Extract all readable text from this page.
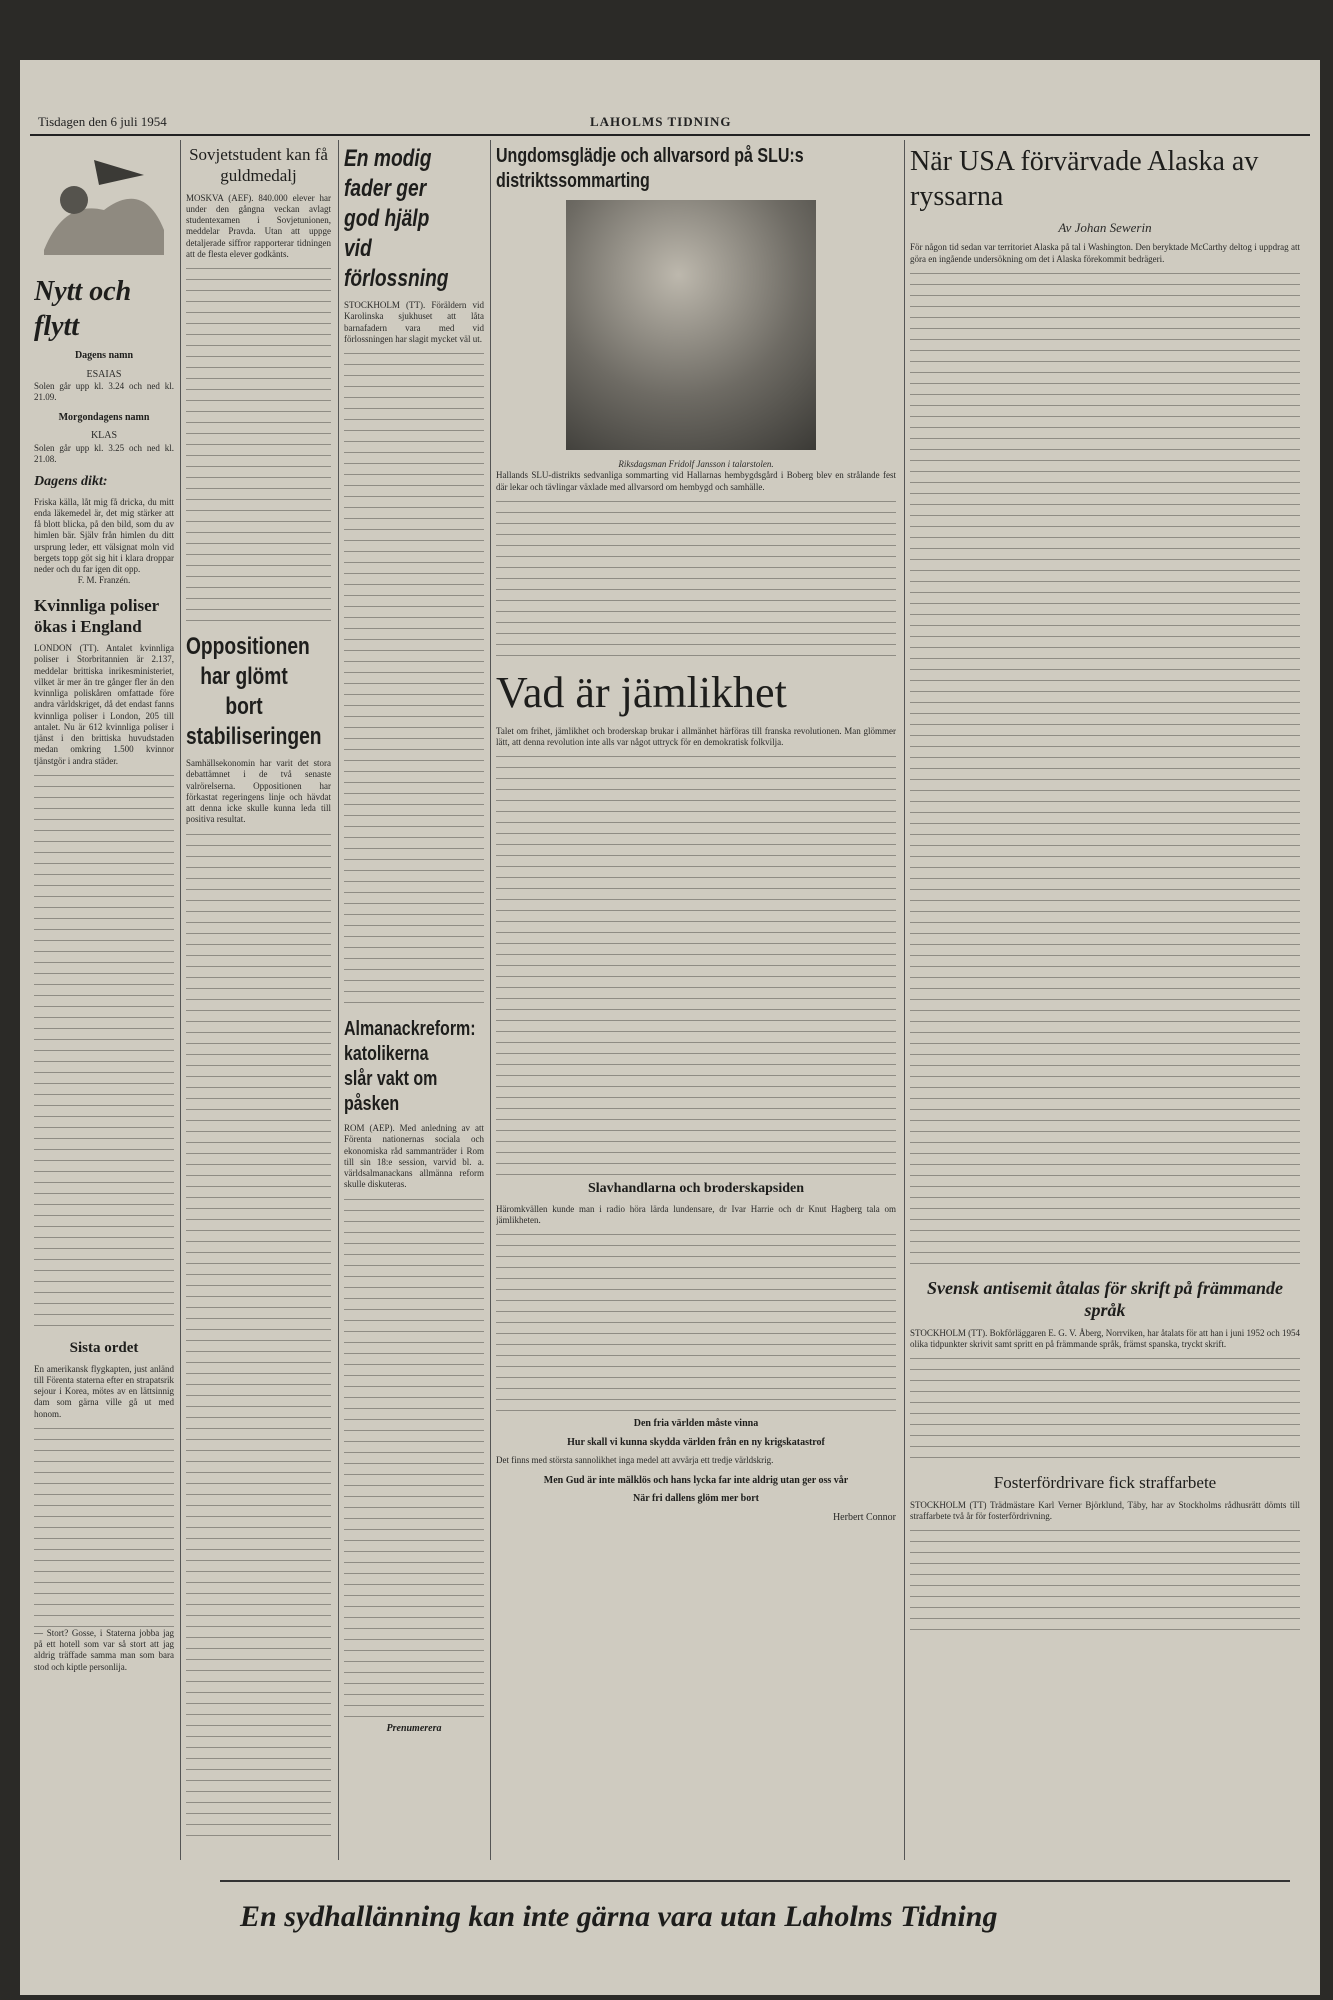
Tisdagen den 6 juli 1954	LAHOLMS TIDNING
Nytt och flytt
Dagens namn
ESAIAS
Solen går upp kl. 3.24 och ned kl. 21.09.
Morgondagens namn
KLAS
Solen går upp kl. 3.25 och ned kl. 21.08.
Dagens dikt:
Friska källa, låt mig få dricka, du mitt enda läkemedel är, det mig stärker att få blott blicka, på den bild, som du av himlen bär. Själv från himlen du ditt ursprung leder, ett välsignat moln vid bergets topp göt sig hit i klara droppar neder och du far igen dit opp.
F. M. Franzén.
Kvinnliga poliser ökas i England
LONDON (TT). Antalet kvinnliga poliser i Storbritannien är 2.137, meddelar brittiska inrikesministeriet, vilket är mer än tre gånger fler än den kvinnliga poliskåren omfattade före andra världskriget, då det endast fanns kvinnliga poliser i London, 205 till antalet. Nu är 612 kvinnliga poliser i tjänst i den brittiska huvudstaden medan omkring 1.500 kvinnor tjänstgör i andra städer.
Sista ordet
En amerikansk flygkapten, just anländ till Förenta staterna efter en strapatsrik sejour i Korea, mötes av en lättsinnig dam som gärna ville gå ut med honom.
— Stort? Gosse, i Staterna jobba jag på ett hotell som var så stort att jag aldrig träffade samma man som bara stod och kiptle personlija.
Sovjetstudent kan få guldmedalj
MOSKVA (AEF). 840.000 elever har under den gångna veckan avlagt studentexamen i Sovjetunionen, meddelar Pravda. Utan att uppge detaljerade siffror rapporterar tidningen att de flesta elever godkänts.
Oppositionen har glömt bort stabiliseringen
Samhällsekonomin har varit det stora debattämnet i de två senaste valrörelserna. Oppositionen har förkastat regeringens linje och hävdat att denna icke skulle kunna leda till positiva resultat.
En modig fader ger god hjälp vid förlossning
STOCKHOLM (TT). Föräldern vid Karolinska sjukhuset att låta barnafadern vara med vid förlossningen har slagit mycket väl ut.
Almanackreform: katolikerna slår vakt om påsken
ROM (AEP). Med anledning av att Förenta nationernas sociala och ekonomiska råd sammanträder i Rom till sin 18:e session, varvid bl. a. världsalmanackans allmänna reform skulle diskuteras.
Prenumerera
Ungdomsglädje och allvarsord på SLU:s distriktssommarting
Riksdagsman Fridolf Jansson i talarstolen.
Hallands SLU-distrikts sedvanliga sommarting vid Hallarnas hembygdsgård i Boberg blev en strålande fest där lekar och tävlingar växlade med allvarsord om hembygd och samhälle.
Vad är jämlikhet
Talet om frihet, jämlikhet och broderskap brukar i allmänhet härföras till franska revolutionen. Man glömmer lätt, att denna revolution inte alls var något uttryck för en demokratisk folkvilja.
Slavhandlarna och broderskapsiden
Häromkvällen kunde man i radio höra lärda lundensare, dr Ivar Harrie och dr Knut Hagberg tala om jämlikheten.
Den fria världen måste vinna
Hur skall vi kunna skydda världen från en ny krigskatastrof
Det finns med största sannolikhet inga medel att avvärja ett tredje världskrig.
Men Gud är inte mälklös och hans lycka far inte aldrig utan ger oss vår
När fri dallens glöm mer bort
Herbert Connor
När USA förvärvade Alaska av ryssarna
Av Johan Sewerin
För någon tid sedan var territoriet Alaska på tal i Washington. Den beryktade McCarthy deltog i uppdrag att göra en ingående undersökning om det i Alaska förekommit bedrägeri.
Svensk antisemit åtalas för skrift på främmande språk
STOCKHOLM (TT). Bokförläggaren E. G. V. Åberg, Norrviken, har åtalats för att han i juni 1952 och 1954 olika tidpunkter skrivit samt spritt en på främmande språk, främst spanska, tryckt skrift.
Fosterfördrivare fick straffarbete
STOCKHOLM (TT) Trädmästare Karl Verner Björklund, Täby, har av Stockholms rådhusrätt dömts till straffarbete två år för fosterfördrivning.
En sydhallänning kan inte gärna vara utan Laholms Tidning
